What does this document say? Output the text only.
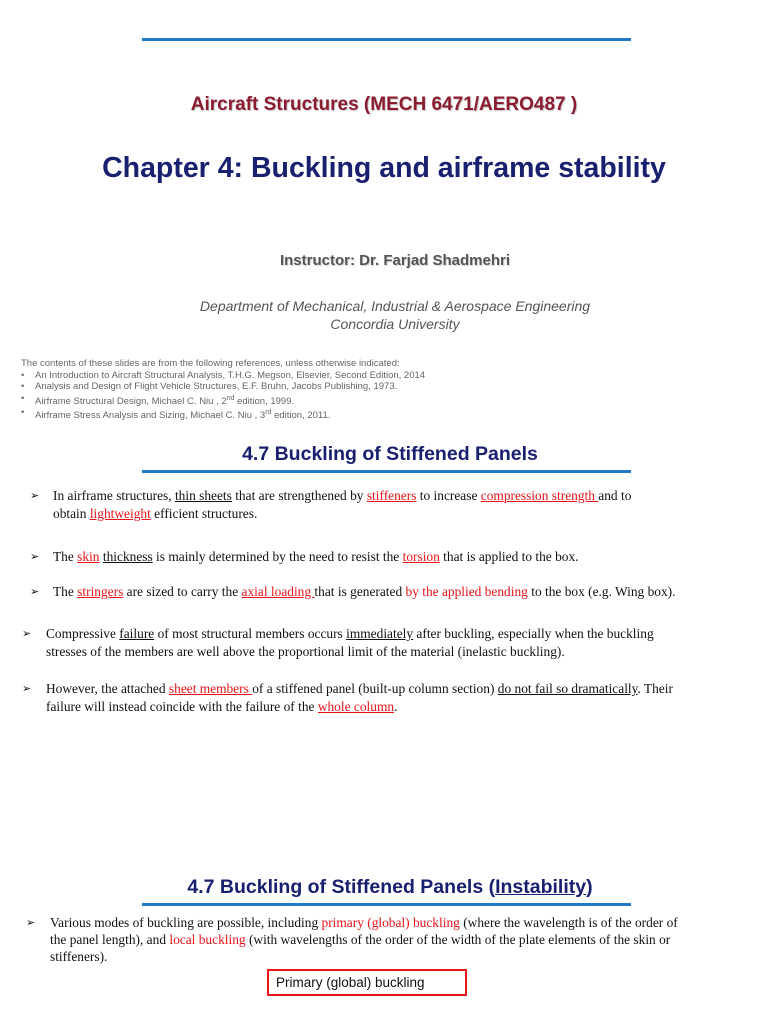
Aircraft Structures (MECH 6471/AERO487 )
Chapter 4: Buckling and airframe stability
Instructor: Dr. Farjad Shadmehri
Department of Mechanical, Industrial & Aerospace Engineering
Concordia University
The contents of these slides are from the following references, unless otherwise indicated:
• An Introduction to Aircraft Structural Analysis, T.H.G. Megson, Elsevier, Second Edition, 2014
• Analysis and Design of Flight Vehicle Structures, E.F. Bruhn, Jacobs Publishing, 1973.
• Airframe Structural Design, Michael C. Niu , 2nd edition, 1999.
• Airframe Stress Analysis and Sizing, Michael C. Niu , 3rd edition, 2011.
4.7 Buckling of Stiffened Panels
➢ In airframe structures, thin sheets that are strengthened by stiffeners to increase compression strength and to
obtain lightweight efficient structures.
➢ The skin thickness is mainly determined by the need to resist the torsion that is applied to the box.
➢ The stringers are sized to carry the axial loading that is generated by the applied bending to the box (e.g. Wing box).
➢ Compressive failure of most structural members occurs immediately after buckling, especially when the buckling
stresses of the members are well above the proportional limit of the material (inelastic buckling).
➢ However, the attached sheet members of a stiffened panel (built-up column section) do not fail so dramatically. Their
failure will instead coincide with the failure of the whole column.
4.7 Buckling of Stiffened Panels (Instability)
➢ Various modes of buckling are possible, including primary (global) buckling (where the wavelength is of the order of
the panel length), and local buckling (with wavelengths of the order of the width of the plate elements of the skin or
stiffeners).
Primary (global) buckling
